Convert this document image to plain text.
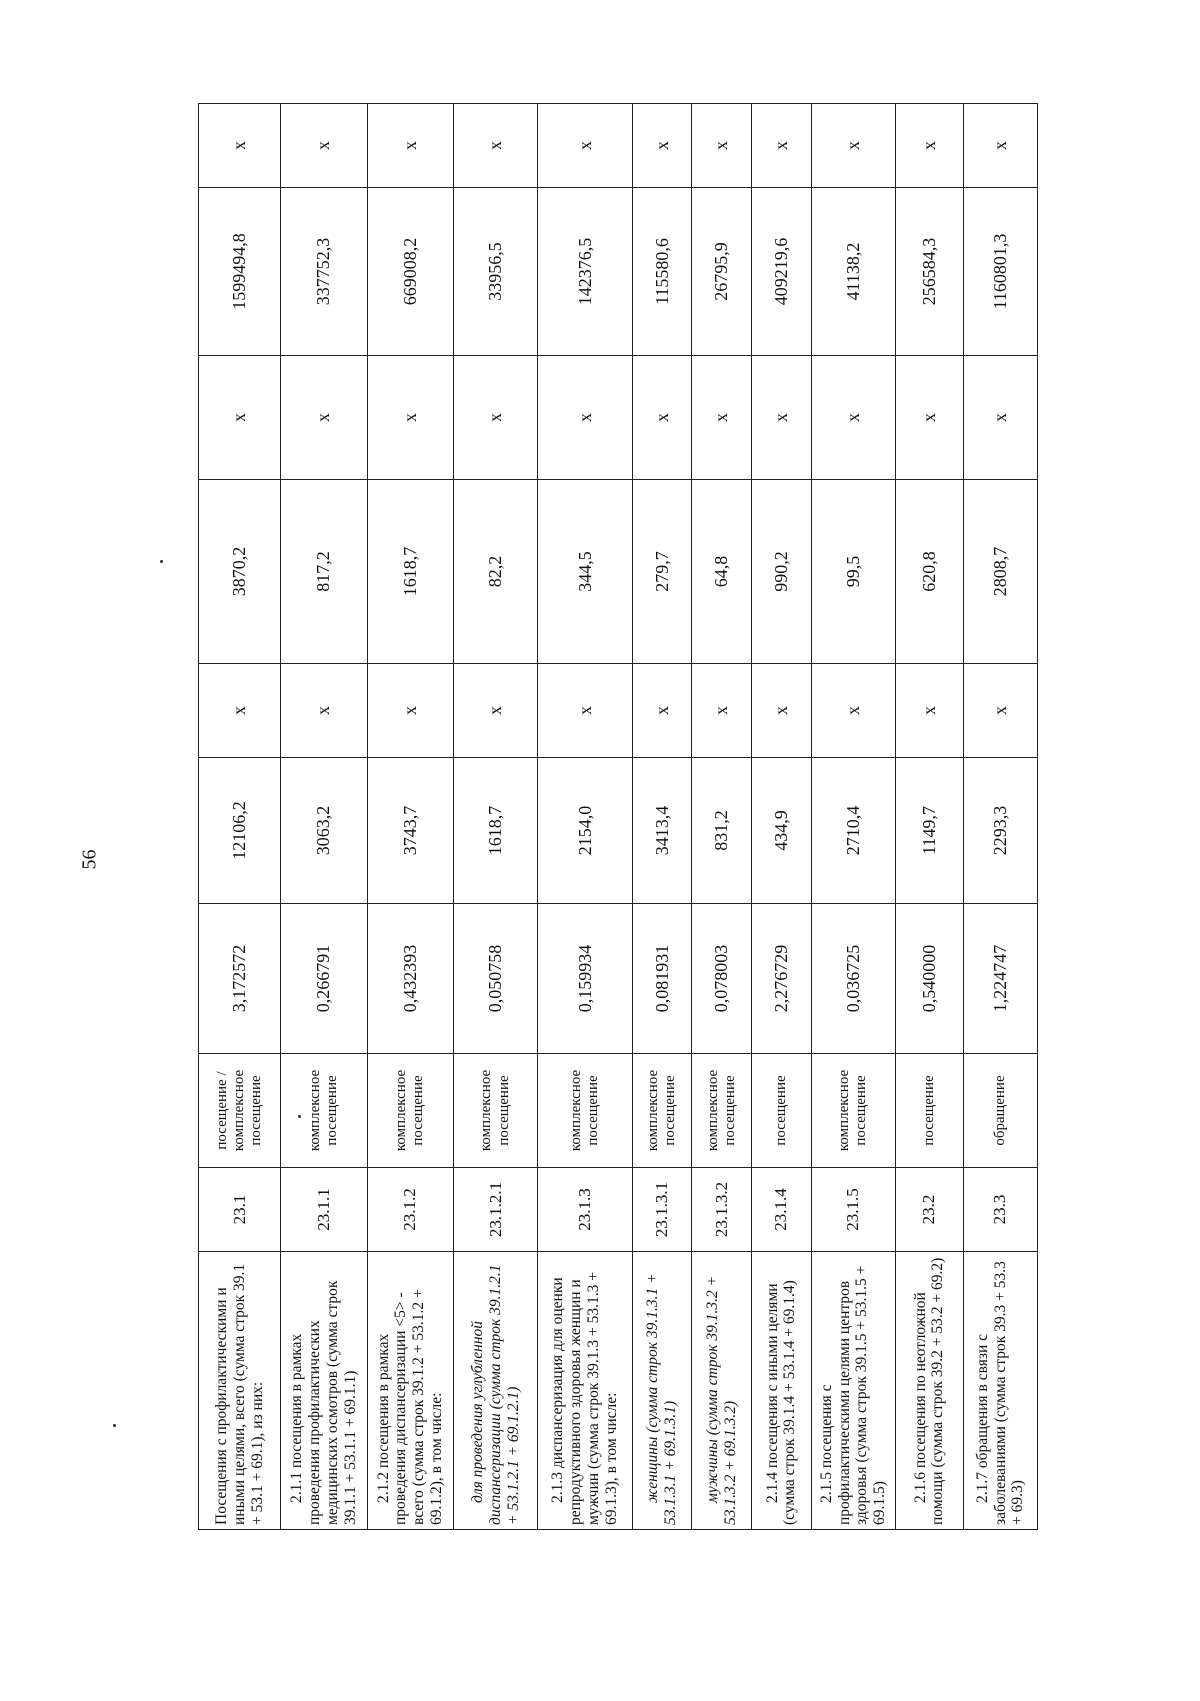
56
Посещения с профилактическими и иными целями, всего (сумма строк 39.1 + 53.1 + 69.1), из них:	23.1	посещение / комплексное посещение	3,172572	12106,2	х	3870,2	х	1599494,8	х

2.1.1 посещения в рамках проведения профилактических медицинских осмотров (сумма строк 39.1.1 + 53.1.1 + 69.1.1)	23.1.1	комплексное посещение	0,266791	3063,2	х	817,2	х	337752,3	х

2.1.2 посещения в рамках проведения диспансеризации <5> - всего (сумма строк 39.1.2 + 53.1.2 + 69.1.2), в том числе:	23.1.2	комплексное посещение	0,432393	3743,7	х	1618,7	х	669008,2	х

для проведения углубленной диспансеризации (сумма строк 39.1.2.1 + 53.1.2.1 + 69.1.2.1)	23.1.2.1	комплексное посещение	0,050758	1618,7	х	82,2	х	33956,5	х

2.1.3 диспансеризация для оценки репродуктивного здоровья женщин и мужчин (сумма строк 39.1.3 + 53.1.3 + 69.1.3), в том числе:	23.1.3	комплексное посещение	0,159934	2154,0	х	344,5	х	142376,5	х

женщины (сумма строк 39.1.3.1 + 53.1.3.1 + 69.1.3.1)	23.1.3.1	комплексное посещение	0,081931	3413,4	х	279,7	х	115580,6	х

мужчины (сумма строк 39.1.3.2 + 53.1.3.2 + 69.1.3.2)	23.1.3.2	комплексное посещение	0,078003	831,2	х	64,8	х	26795,9	х

2.1.4 посещения с иными целями (сумма строк 39.1.4 + 53.1.4 + 69.1.4)	23.1.4	посещение	2,276729	434,9	х	990,2	х	409219,6	х

2.1.5 посещения с профилактическими целями центров здоровья (сумма строк 39.1.5 + 53.1.5 + 69.1.5)	23.1.5	комплексное посещение	0,036725	2710,4	х	99,5	х	41138,2	х

2.1.6 посещения по неотложной помощи (сумма строк 39.2 + 53.2 + 69.2)	23.2	посещение	0,540000	1149,7	х	620,8	х	256584,3	х

2.1.7 обращения в связи с заболеваниями (сумма строк 39.3 + 53.3 + 69.3)	23.3	обращение	1,224747	2293,3	х	2808,7	х	1160801,3	х
